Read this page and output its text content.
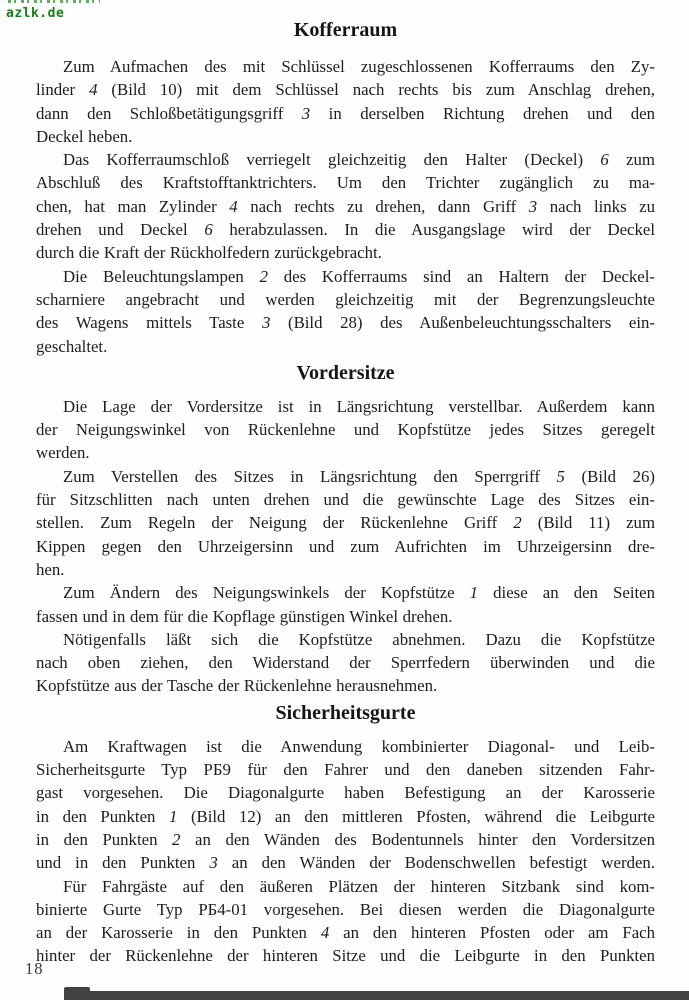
azlk.de
Kofferraum
Zum Aufmachen des mit Schlüssel zugeschlossenen Kofferraums den Zy-
linder 4 (Bild 10) mit dem Schlüssel nach rechts bis zum Anschlag drehen,
dann den Schloßbetätigungsgriff 3 in derselben Richtung drehen und den
Deckel heben.
Das Kofferraumschloß verriegelt gleichzeitig den Halter (Deckel) 6 zum
Abschluß des Kraftstofftanktrichters. Um den Trichter zugänglich zu ma-
chen, hat man Zylinder 4 nach rechts zu drehen, dann Griff 3 nach links zu
drehen und Deckel 6 herabzulassen. In die Ausgangslage wird der Deckel
durch die Kraft der Rückholfedern zurückgebracht.
Die Beleuchtungslampen 2 des Kofferraums sind an Haltern der Deckel-
scharniere angebracht und werden gleichzeitig mit der Begrenzungsleuchte
des Wagens mittels Taste 3 (Bild 28) des Außenbeleuchtungsschalters ein-
geschaltet.
Vordersitze
Die Lage der Vordersitze ist in Längsrichtung verstellbar. Außerdem kann
der Neigungswinkel von Rückenlehne und Kopfstütze jedes Sitzes geregelt
werden.
Zum Verstellen des Sitzes in Längsrichtung den Sperrgriff 5 (Bild 26)
für Sitzschlitten nach unten drehen und die gewünschte Lage des Sitzes ein-
stellen. Zum Regeln der Neigung der Rückenlehne Griff 2 (Bild 11) zum
Kippen gegen den Uhrzeigersinn und zum Aufrichten im Uhrzeigersinn dre-
hen.
Zum Ändern des Neigungswinkels der Kopfstütze 1 diese an den Seiten
fassen und in dem für die Kopflage günstigen Winkel drehen.
Nötigenfalls läßt sich die Kopfstütze abnehmen. Dazu die Kopfstütze
nach oben ziehen, den Widerstand der Sperrfedern überwinden und die
Kopfstütze aus der Tasche der Rückenlehne herausnehmen.
Sicherheitsgurte
Am Kraftwagen ist die Anwendung kombinierter Diagonal- und Leib-
Sicherheitsgurte Typ РБ9 für den Fahrer und den daneben sitzenden Fahr-
gast vorgesehen. Die Diagonalgurte haben Befestigung an der Karosserie
in den Punkten 1 (Bild 12) an den mittleren Pfosten, während die Leibgurte
in den Punkten 2 an den Wänden des Bodentunnels hinter den Vordersitzen
und in den Punkten 3 an den Wänden der Bodenschwellen befestigt werden.
Für Fahrgäste auf den äußeren Plätzen der hinteren Sitzbank sind kom-
binierte Gurte Typ РБ4-01 vorgesehen. Bei diesen werden die Diagonalgurte
an der Karosserie in den Punkten 4 an den hinteren Pfosten oder am Fach
hinter der Rückenlehne der hinteren Sitze und die Leibgurte in den Punkten
18
